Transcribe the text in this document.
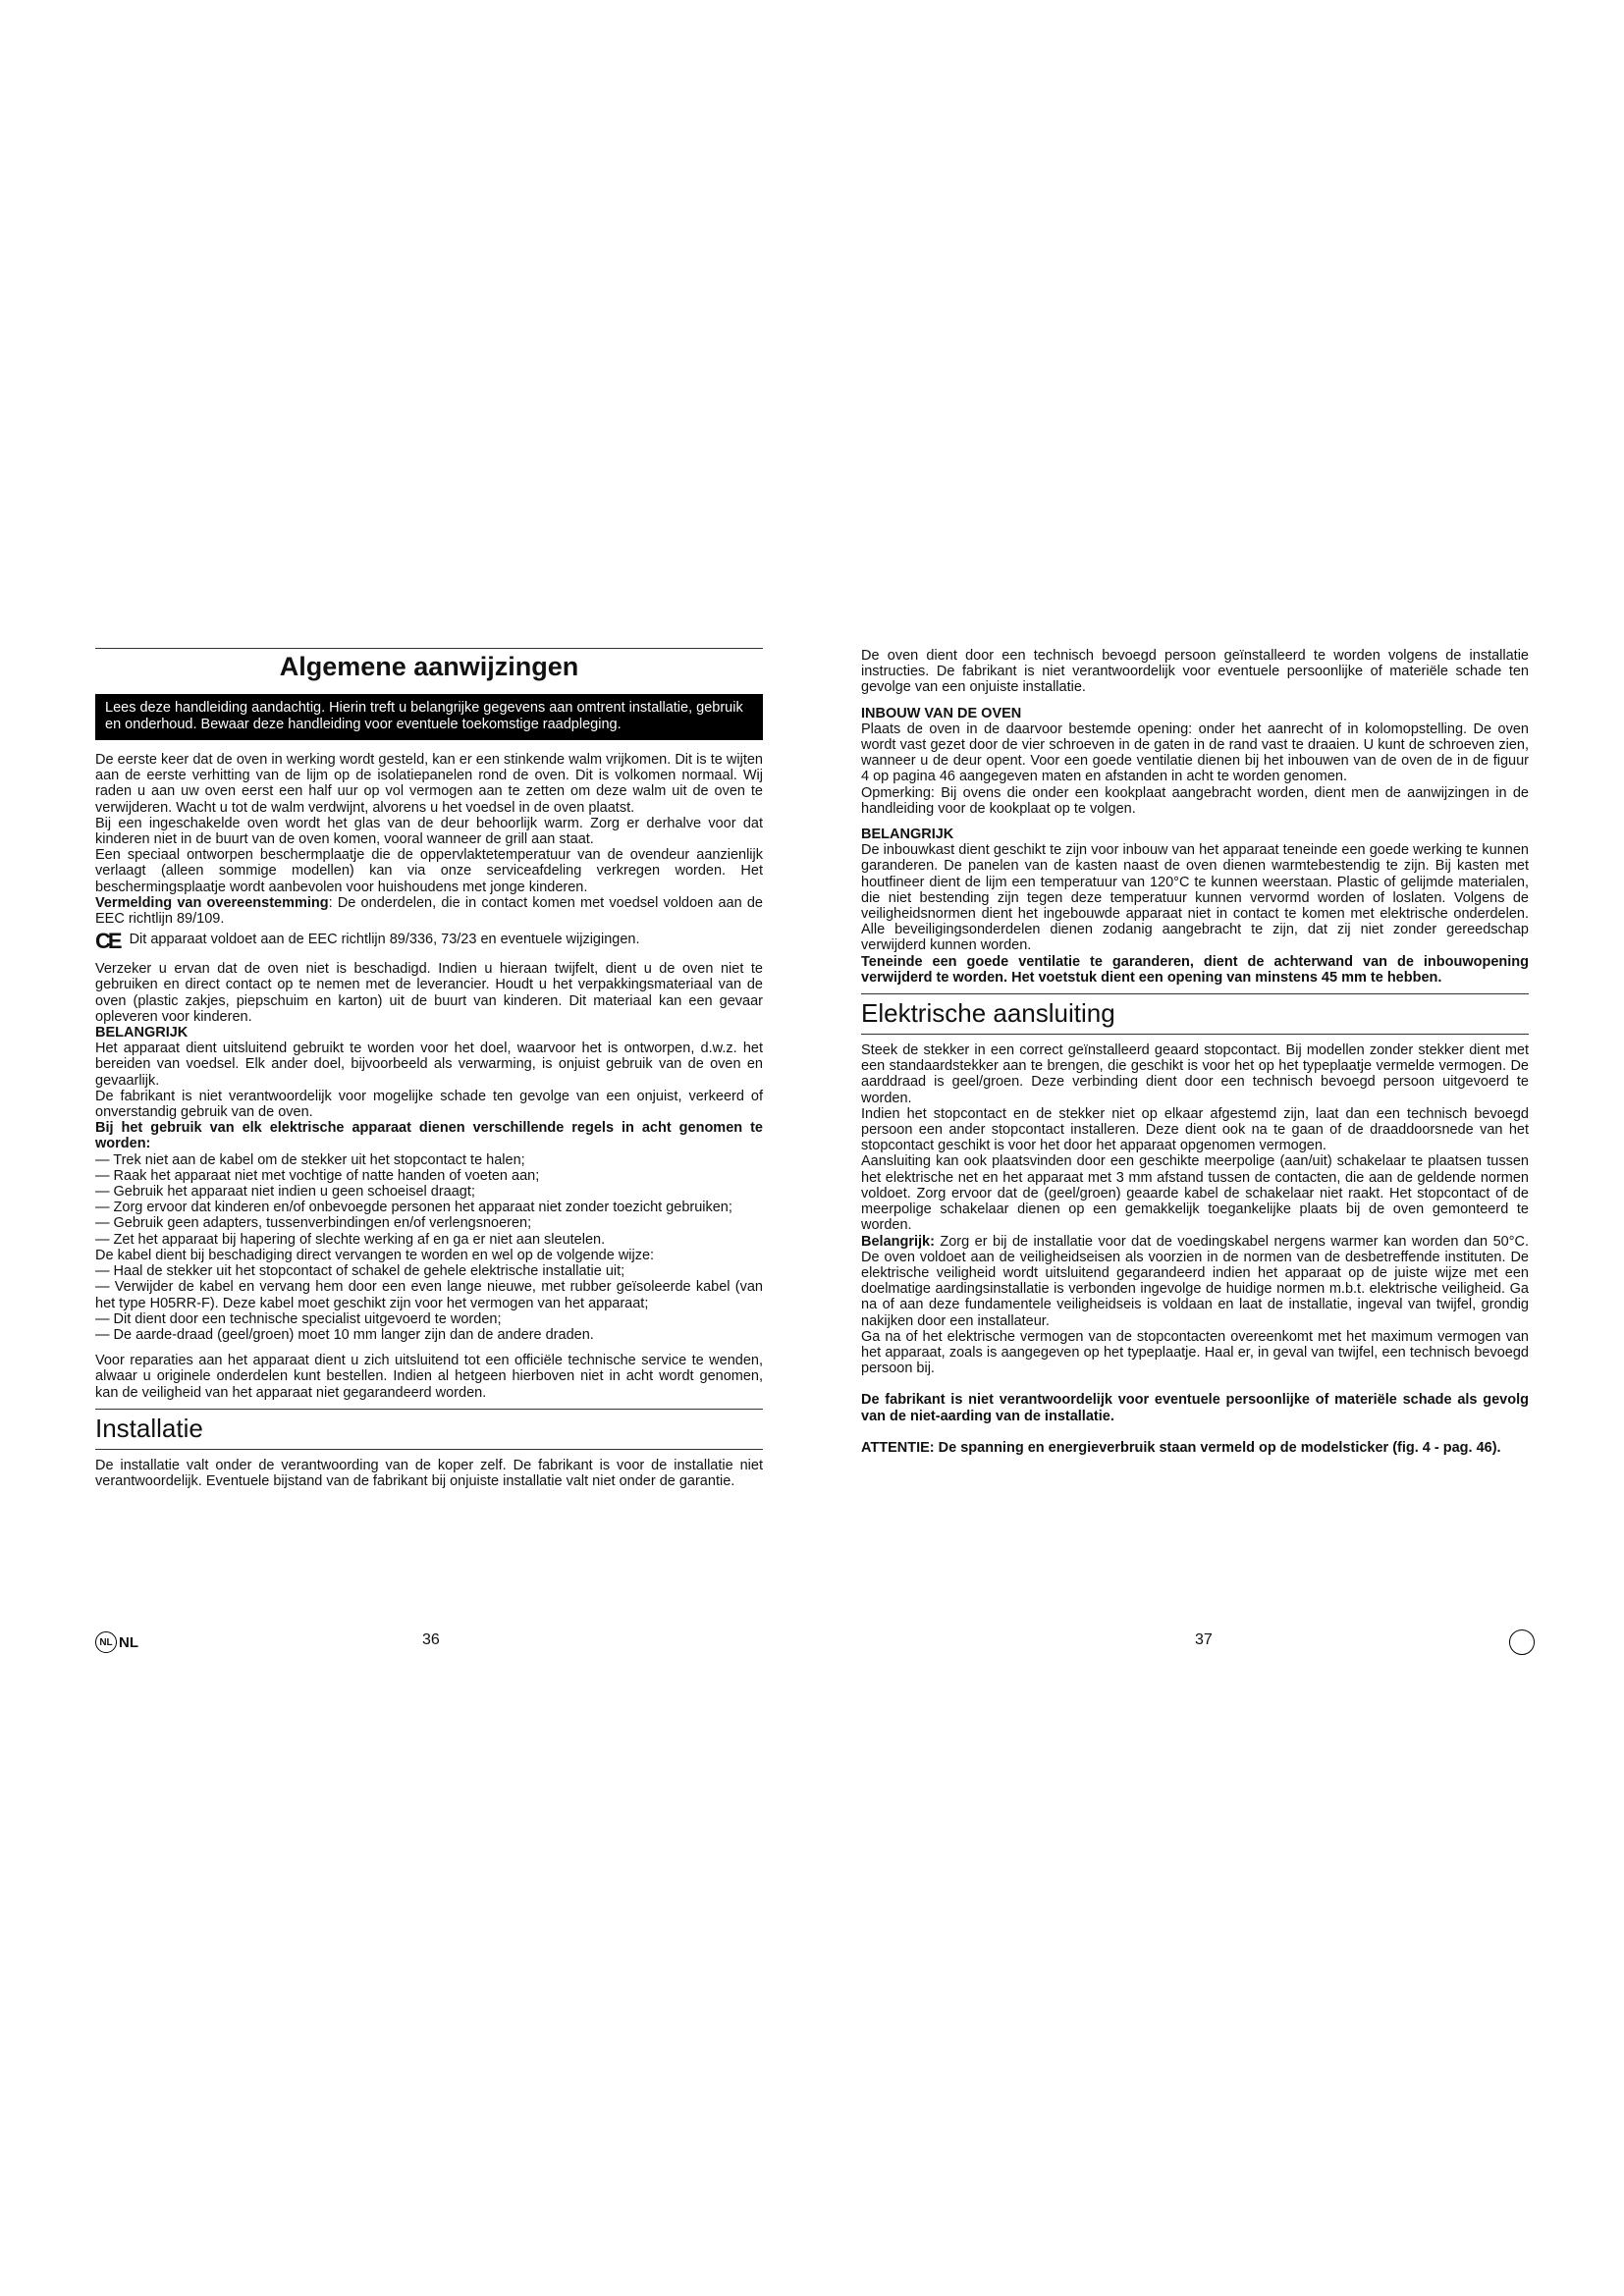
Algemene aanwijzingen
Lees deze handleiding aandachtig. Hierin treft u belangrijke gegevens aan omtrent installatie, gebruik en onderhoud. Bewaar deze handleiding voor eventuele toekomstige raadpleging.

De eerste keer dat de oven in werking wordt gesteld, kan er een stinkende walm vrijkomen. Dit is te wijten aan de eerste verhitting van de lijm op de isolatiepanelen rond de oven. Dit is volkomen normaal. Wij raden u aan uw oven eerst een half uur op vol vermogen aan te zetten om deze walm uit de oven te verwijderen. Wacht u tot de walm verdwijnt, alvorens u het voedsel in de oven plaatst.

Bij een ingeschakelde oven wordt het glas van de deur behoorlijk warm. Zorg er derhalve voor dat kinderen niet in de buurt van de oven komen, vooral wanneer de grill aan staat.

Een speciaal ontworpen beschermplaatje die de oppervlaktetemperatuur van de ovendeur aanzienlijk verlaagt (alleen sommige modellen) kan via onze serviceafdeling verkregen worden. Het beschermingsplaatje wordt aanbevolen voor huishoudens met jonge kinderen.

Vermelding van overeenstemming: De onderdelen, die in contact komen met voedsel voldoen aan de EEC richtlijn 89/109.

CE Dit apparaat voldoet aan de EEC richtlijn 89/336, 73/23 en eventuele wijzigingen.

Verzeker u ervan dat de oven niet is beschadigd. Indien u hieraan twijfelt, dient u de oven niet te gebruiken en direct contact op te nemen met de leverancier. Houdt u het verpakkingsmateriaal van de oven (plastic zakjes, piepschuim en karton) uit de buurt van kinderen. Dit materiaal kan een gevaar opleveren voor kinderen.

BELANGRIJK

Het apparaat dient uitsluitend gebruikt te worden voor het doel, waarvoor het is ontworpen, d.w.z. het bereiden van voedsel. Elk ander doel, bijvoorbeeld als verwarming, is onjuist gebruik van de oven en gevaarlijk.

De fabrikant is niet verantwoordelijk voor mogelijke schade ten gevolge van een onjuist, verkeerd of onverstandig gebruik van de oven.

Bij het gebruik van elk elektrische apparaat dienen verschillende regels in acht genomen te worden:

— Trek niet aan de kabel om de stekker uit het stopcontact te halen;

— Raak het apparaat niet met vochtige of natte handen of voeten aan;

— Gebruik het apparaat niet indien u geen schoeisel draagt;

— Zorg ervoor dat kinderen en/of onbevoegde personen het apparaat niet zonder toezicht gebruiken;

— Gebruik geen adapters, tussenverbindingen en/of verlengsnoeren;

— Zet het apparaat bij hapering of slechte werking af en ga er niet aan sleutelen.

De kabel dient bij beschadiging direct vervangen te worden en wel op de volgende wijze:

— Haal de stekker uit het stopcontact of schakel de gehele elektrische installatie uit;

— Verwijder de kabel en vervang hem door een even lange nieuwe, met rubber geïsoleerde kabel (van het type H05RR-F). Deze kabel moet geschikt zijn voor het vermogen van het apparaat;

— Dit dient door een technische specialist uitgevoerd te worden;

— De aarde-draad (geel/groen) moet 10 mm langer zijn dan de andere draden.

Voor reparaties aan het apparaat dient u zich uitsluitend tot een officiële technische service te wenden, alwaar u originele onderdelen kunt bestellen. Indien al hetgeen hierboven niet in acht wordt genomen, kan de veiligheid van het apparaat niet gegarandeerd worden.

Installatie

De installatie valt onder de verantwoording van de koper zelf. De fabrikant is voor de installatie niet verantwoordelijk. Eventuele bijstand van de fabrikant bij onjuiste installatie valt niet onder de garantie.

NL NL	36

De oven dient door een technisch bevoegd persoon geïnstalleerd te worden volgens de installatie instructies. De fabrikant is niet verantwoordelijk voor eventuele persoonlijke of materiële schade ten gevolge van een onjuiste installatie.

INBOUW VAN DE OVEN

Plaats de oven in de daarvoor bestemde opening: onder het aanrecht of in kolomopstelling. De oven wordt vast gezet door de vier schroeven in de gaten in de rand vast te draaien. U kunt de schroeven zien, wanneer u de deur opent. Voor een goede ventilatie dienen bij het inbouwen van de oven de in de figuur 4 op pagina 46 aangegeven maten en afstanden in acht te worden genomen.

Opmerking: Bij ovens die onder een kookplaat aangebracht worden, dient men de aanwijzingen in de handleiding voor de kookplaat op te volgen.

BELANGRIJK

De inbouwkast dient geschikt te zijn voor inbouw van het apparaat teneinde een goede werking te kunnen garanderen. De panelen van de kasten naast de oven dienen warmtebestendig te zijn. Bij kasten met houtfineer dient de lijm een temperatuur van 120°C te kunnen weerstaan. Plastic of gelijmde materialen, die niet bestending zijn tegen deze temperatuur kunnen vervormd worden of loslaten. Volgens de veiligheidsnormen dient het ingebouwde apparaat niet in contact te komen met elektrische onderdelen. Alle beveiligingsonderdelen dienen zodanig aangebracht te zijn, dat zij niet zonder gereedschap verwijderd kunnen worden.

Teneinde een goede ventilatie te garanderen, dient de achterwand van de inbouwopening verwijderd te worden. Het voetstuk dient een opening van minstens 45 mm te hebben.

Elektrische aansluiting

Steek de stekker in een correct geïnstalleerd geaard stopcontact. Bij modellen zonder stekker dient met een standaardstekker aan te brengen, die geschikt is voor het op het typeplaatje vermelde vermogen. De aarddraad is geel/groen. Deze verbinding dient door een technisch bevoegd persoon uitgevoerd te worden.

Indien het stopcontact en de stekker niet op elkaar afgestemd zijn, laat dan een technisch bevoegd persoon een ander stopcontact installeren. Deze dient ook na te gaan of de draaddoorsnede van het stopcontact geschikt is voor het door het apparaat opgenomen vermogen.

Aansluiting kan ook plaatsvinden door een geschikte meerpolige (aan/uit) schakelaar te plaatsen tussen het elektrische net en het apparaat met 3 mm afstand tussen de contacten, die aan de geldende normen voldoet. Zorg ervoor dat de (geel/groen) geaarde kabel de schakelaar niet raakt. Het stopcontact of de meerpolige schakelaar dienen op een gemakkelijk toegankelijke plaats bij de oven gemonteerd te worden.

Belangrijk: Zorg er bij de installatie voor dat de voedingskabel nergens warmer kan worden dan 50°C. De oven voldoet aan de veiligheidseisen als voorzien in de normen van de desbetreffende instituten. De elektrische veiligheid wordt uitsluitend gegarandeerd indien het apparaat op de juiste wijze met een doelmatige aardingsinstallatie is verbonden ingevolge de huidige normen m.b.t. elektrische veiligheid. Ga na of aan deze fundamentele veiligheidseis is voldaan en laat de installatie, ingeval van twijfel, grondig nakijken door een installateur.

Ga na of het elektrische vermogen van de stopcontacten overeenkomt met het maximum vermogen van het apparaat, zoals is aangegeven op het typeplaatje. Haal er, in geval van twijfel, een technisch bevoegd persoon bij.

De fabrikant is niet verantwoordelijk voor eventuele persoonlijke of materiële schade als gevolg van de niet-aarding van de installatie.

ATTENTIE: De spanning en energieverbruik staan vermeld op de modelsticker (fig. 4 - pag. 46).

37
